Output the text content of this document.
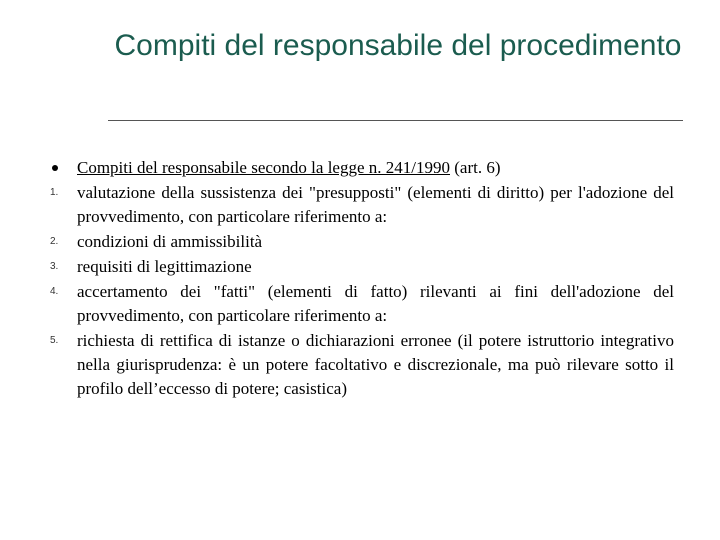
Compiti del responsabile del procedimento
Compiti del responsabile secondo la legge n. 241/1990 (art. 6)
1.	valutazione della sussistenza dei "presupposti" (elementi di diritto) per l'adozione del provvedimento, con particolare riferimento a:
2.	condizioni di ammissibilità
3.	requisiti di legittimazione
4.	accertamento dei "fatti" (elementi di fatto) rilevanti ai fini dell'adozione del provvedimento, con particolare riferimento a:
5.	richiesta di rettifica di istanze o dichiarazioni erronee (il potere istruttorio integrativo nella giurisprudenza: è un potere facoltativo e discrezionale, ma può rilevare sotto il profilo dell’eccesso di potere; casistica)
